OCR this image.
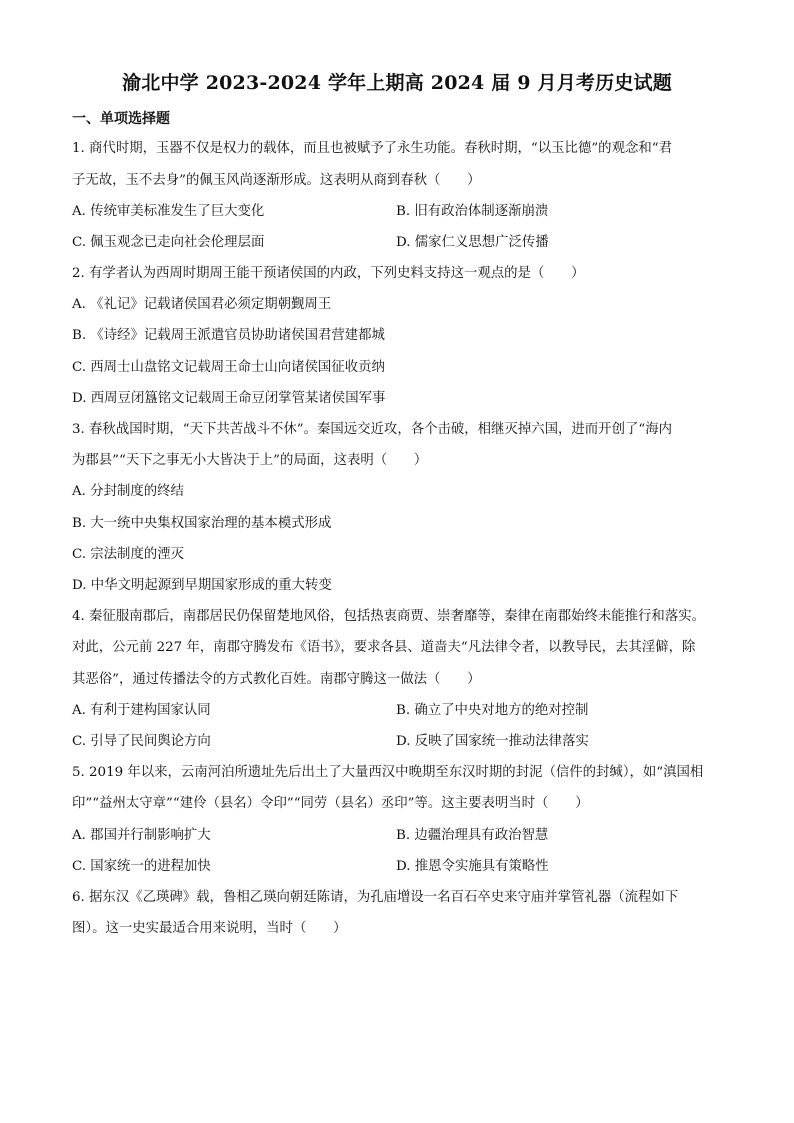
渝北中学 2023-2024 学年上期高 2024 届 9 月月考历史试题
一、单项选择题
1. 商代时期，玉器不仅是权力的载体，而且也被赋予了永生功能。春秋时期，“以玉比德”的观念和“君
子无故，玉不去身”的佩玉风尚逐渐形成。这表明从商到春秋（　　）
A. 传统审美标准发生了巨大变化	B. 旧有政治体制逐渐崩溃
C. 佩玉观念已走向社会伦理层面	D. 儒家仁义思想广泛传播
2. 有学者认为西周时期周王能干预诸侯国的内政，下列史料支持这一观点的是（　　）
A. 《礼记》记载诸侯国君必须定期朝觐周王
B. 《诗经》记载周王派遣官员协助诸侯国君营建都城
C. 西周士山盘铭文记载周王命士山向诸侯国征收贡纳
D. 西周豆闭簋铭文记载周王命豆闭掌管某诸侯国军事
3. 春秋战国时期，“天下共苦战斗不休”。秦国远交近攻，各个击破，相继灭掉六国，进而开创了“海内
为郡县”“天下之事无小大皆决于上”的局面，这表明（　　）
A. 分封制度的终结
B. 大一统中央集权国家治理的基本模式形成
C. 宗法制度的湮灭
D. 中华文明起源到早期国家形成的重大转变
4. 秦征服南郡后，南郡居民仍保留楚地风俗，包括热衷商贾、崇奢靡等，秦律在南郡始终未能推行和落实。
对此，公元前 227 年，南郡守腾发布《语书》，要求各县、道啬夫“凡法律令者，以教导民，去其淫僻，除
其恶俗”，通过传播法令的方式教化百姓。南郡守腾这一做法（　　）
A. 有利于建构国家认同	B. 确立了中央对地方的绝对控制
C. 引导了民间舆论方向	D. 反映了国家统一推动法律落实
5. 2019 年以来，云南河泊所遗址先后出土了大量西汉中晚期至东汉时期的封泥（信件的封缄），如“滇国相
印”“益州太守章”“建伶（县名）令印”“同劳（县名）丞印”等。这主要表明当时（　　）
A. 郡国并行制影响扩大	B. 边疆治理具有政治智慧
C. 国家统一的进程加快	D. 推恩令实施具有策略性
6. 据东汉《乙瑛碑》载，鲁相乙瑛向朝廷陈请，为孔庙增设一名百石卒史来守庙并掌管礼器（流程如下
图）。这一史实最适合用来说明，当时（　　）
